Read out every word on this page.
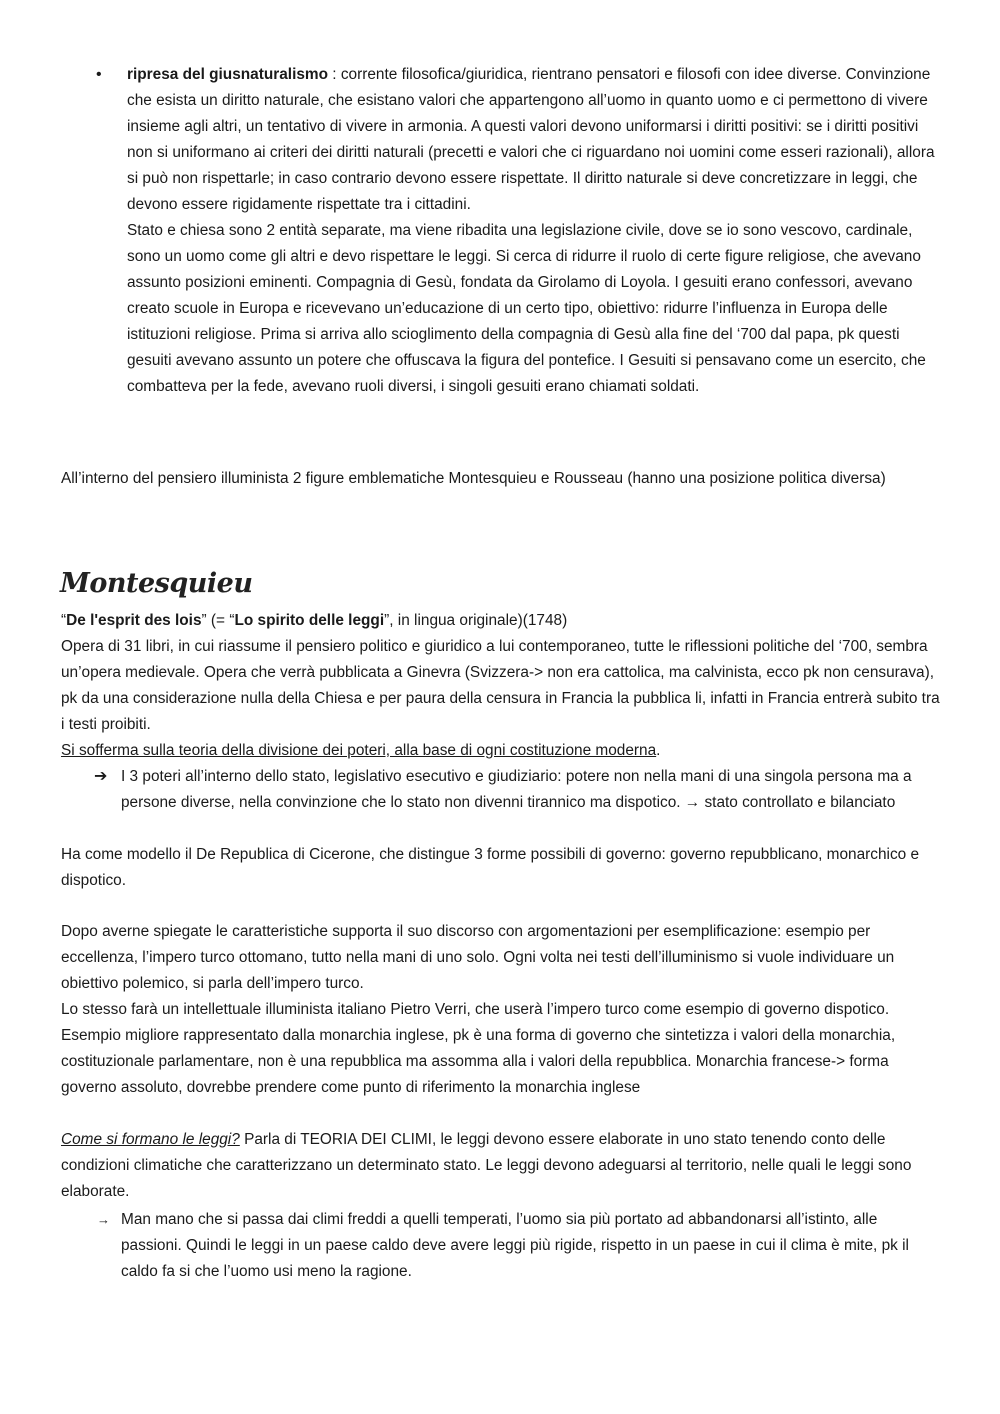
• ripresa del giusnaturalismo : corrente filosofica/giuridica, rientrano pensatori e filosofi con idee diverse. Convinzione che esista un diritto naturale, che esistano valori che appartengono all’uomo in quanto uomo e ci permettono di vivere insieme agli altri, un tentativo di vivere in armonia. A questi valori devono uniformarsi i diritti positivi: se i diritti positivi non si uniformano ai criteri dei diritti naturali (precetti e valori che ci riguardano noi uomini come esseri razionali), allora si può non rispettarle; in caso contrario devono essere rispettate. Il diritto naturale si deve concretizzare in leggi, che devono essere rigidamente rispettate tra i cittadini.

Stato e chiesa sono 2 entità separate, ma viene ribadita una legislazione civile, dove se io sono vescovo, cardinale, sono un uomo come gli altri e devo rispettare le leggi. Si cerca di ridurre il ruolo di certe figure religiose, che avevano assunto posizioni eminenti. Compagnia di Gesù, fondata da Girolamo di Loyola. I gesuiti erano confessori, avevano creato scuole in Europa e ricevevano un’educazione di un certo tipo, obiettivo: ridurre l’influenza in Europa delle istituzioni religiose. Prima si arriva allo scioglimento della compagnia di Gesù alla fine del ‘700 dal papa, pk questi gesuiti avevano assunto un potere che offuscava la figura del pontefice. I Gesuiti si pensavano come un esercito, che combatteva per la fede, avevano ruoli diversi, i singoli gesuiti erano chiamati soldati.

All’interno del pensiero illuminista 2 figure emblematiche Montesquieu e Rousseau (hanno una posizione politica diversa)

Montesquieu

“De l'esprit des lois” (= “Lo spirito delle leggi”, in lingua originale)(1748)

Opera di 31 libri, in cui riassume il pensiero politico e giuridico a lui contemporaneo, tutte le riflessioni politiche del ‘700, sembra un’opera medievale. Opera che verrà pubblicata a Ginevra (Svizzera-> non era cattolica, ma calvinista, ecco pk non censurava), pk da una considerazione nulla della Chiesa e per paura della censura in Francia la pubblica li, infatti in Francia entrerà subito tra i testi proibiti.

Si sofferma sulla teoria della divisione dei poteri, alla base di ogni costituzione moderna.

➔ I 3 poteri all’interno dello stato, legislativo esecutivo e giudiziario: potere non nella mani di una singola persona ma a persone diverse, nella convinzione che lo stato non divenni tirannico ma dispotico. → stato controllato e bilanciato

Ha come modello il De Republica di Cicerone, che distingue 3 forme possibili di governo: governo repubblicano, monarchico e dispotico.

Dopo averne spiegate le caratteristiche supporta il suo discorso con argomentazioni per esemplificazione: esempio per eccellenza, l’impero turco ottomano, tutto nella mani di uno solo. Ogni volta nei testi dell’illuminismo si vuole individuare un obiettivo polemico, si parla dell’impero turco.

Lo stesso farà un intellettuale illuminista italiano Pietro Verri, che userà l’impero turco come esempio di governo dispotico. Esempio migliore rappresentato dalla monarchia inglese, pk è una forma di governo che sintetizza i valori della monarchia, costituzionale parlamentare, non è una repubblica ma assomma alla i valori della repubblica. Monarchia francese-> forma governo assoluto, dovrebbe prendere come punto di riferimento la monarchia inglese

Come si formano le leggi? Parla di TEORIA DEI CLIMI, le leggi devono essere elaborate in uno stato tenendo conto delle condizioni climatiche che caratterizzano un determinato stato. Le leggi devono adeguarsi al territorio, nelle quali le leggi sono elaborate.

→ Man mano che si passa dai climi freddi a quelli temperati, l’uomo sia più portato ad abbandonarsi all’istinto, alle passioni. Quindi le leggi in un paese caldo deve avere leggi più rigide, rispetto in un paese in cui il clima è mite, pk il caldo fa si che l’uomo usi meno la ragione.
